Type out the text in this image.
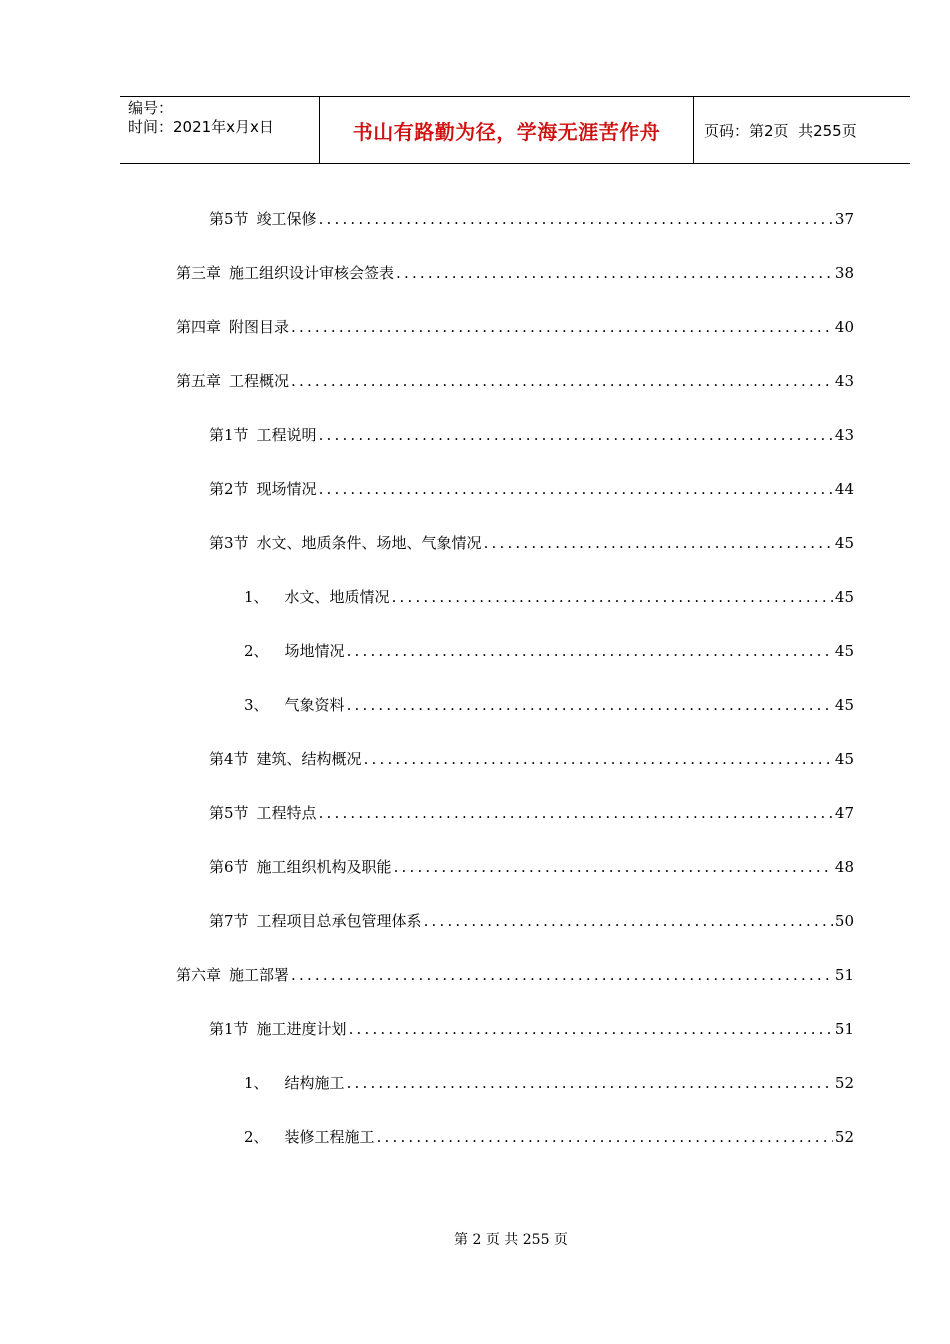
编号：
时间：2021年x月x日	书山有路勤为径，学海无涯苦作舟	页码：第2页  共255页
第5节 竣工保修 .....	37
第三章 施工组织设计审核会签表 .....	38
第四章 附图目录 .....	40
第五章 工程概况 .....	43
第1节 工程说明 .....	43
第2节 现场情况 .....	44
第3节 水文、地质条件、场地、气象情况 .....	45
1、 水文、地质情况 .....	45
2、 场地情况 .....	45
3、 气象资料 .....	45
第4节 建筑、结构概况 .....	45
第5节 工程特点 .....	47
第6节 施工组织机构及职能 .....	48
第7节 工程项目总承包管理体系 .....	50
第六章 施工部署 .....	51
第1节 施工进度计划 .....	51
1、 结构施工 .....	52
2、 装修工程施工 .....	52
第 2 页 共 255 页
